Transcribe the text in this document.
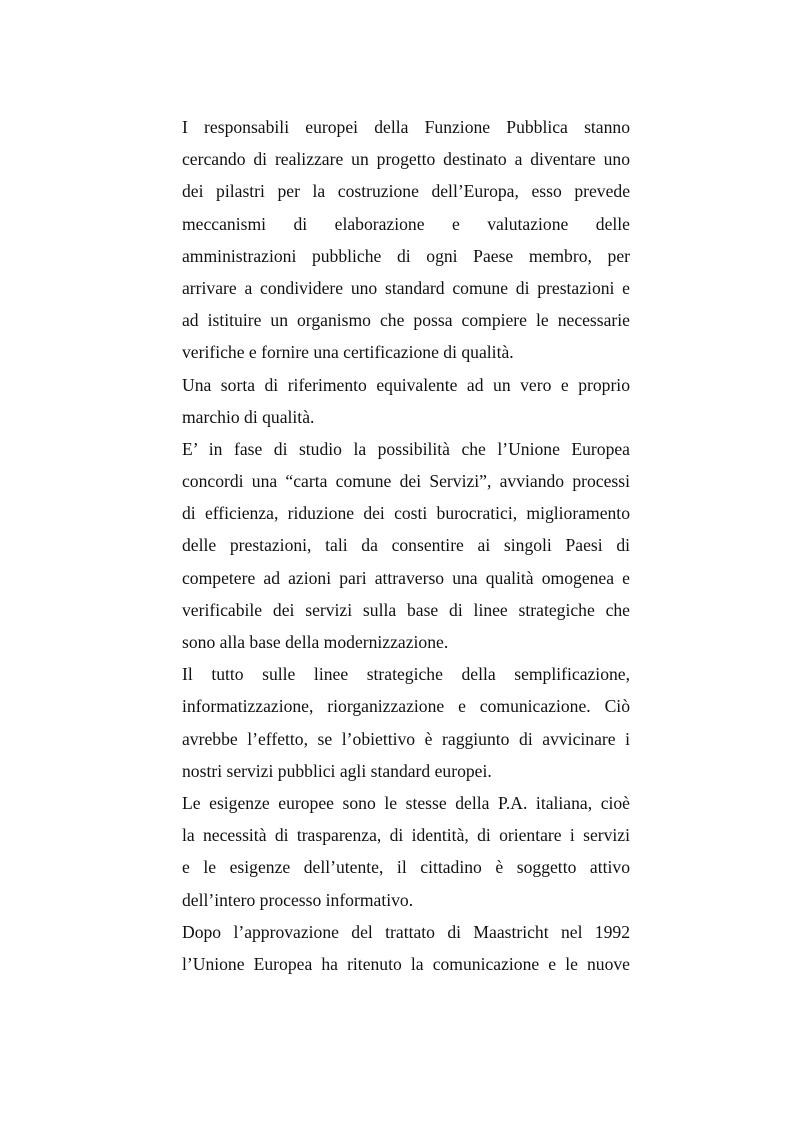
I responsabili europei della Funzione Pubblica stanno
cercando di realizzare un progetto destinato a diventare uno
dei pilastri per la costruzione dell’Europa, esso prevede
meccanismi di elaborazione e valutazione delle
amministrazioni pubbliche di ogni Paese membro, per
arrivare a condividere uno standard comune di prestazioni e
ad istituire un organismo che possa compiere le necessarie
verifiche e fornire una certificazione di qualità.
Una sorta di riferimento equivalente ad un vero e proprio
marchio di qualità.
E’ in fase di studio la possibilità che l’Unione Europea
concordi una “carta comune dei Servizi”, avviando processi
di efficienza, riduzione dei costi burocratici, miglioramento
delle prestazioni, tali da consentire ai singoli Paesi di
competere ad azioni pari attraverso una qualità omogenea e
verificabile dei servizi sulla base di linee strategiche che
sono alla base della modernizzazione.
Il tutto sulle linee strategiche della semplificazione,
informatizzazione, riorganizzazione e comunicazione. Ciò
avrebbe l’effetto, se l’obiettivo è raggiunto di avvicinare i
nostri servizi pubblici agli standard europei.
Le esigenze europee sono le stesse della P.A. italiana, cioè
la necessità di trasparenza, di identità, di orientare i servizi
e le esigenze dell’utente, il cittadino è soggetto attivo
dell’intero processo informativo.
Dopo l’approvazione del trattato di Maastricht nel 1992
l’Unione Europea ha ritenuto la comunicazione e le nuove
